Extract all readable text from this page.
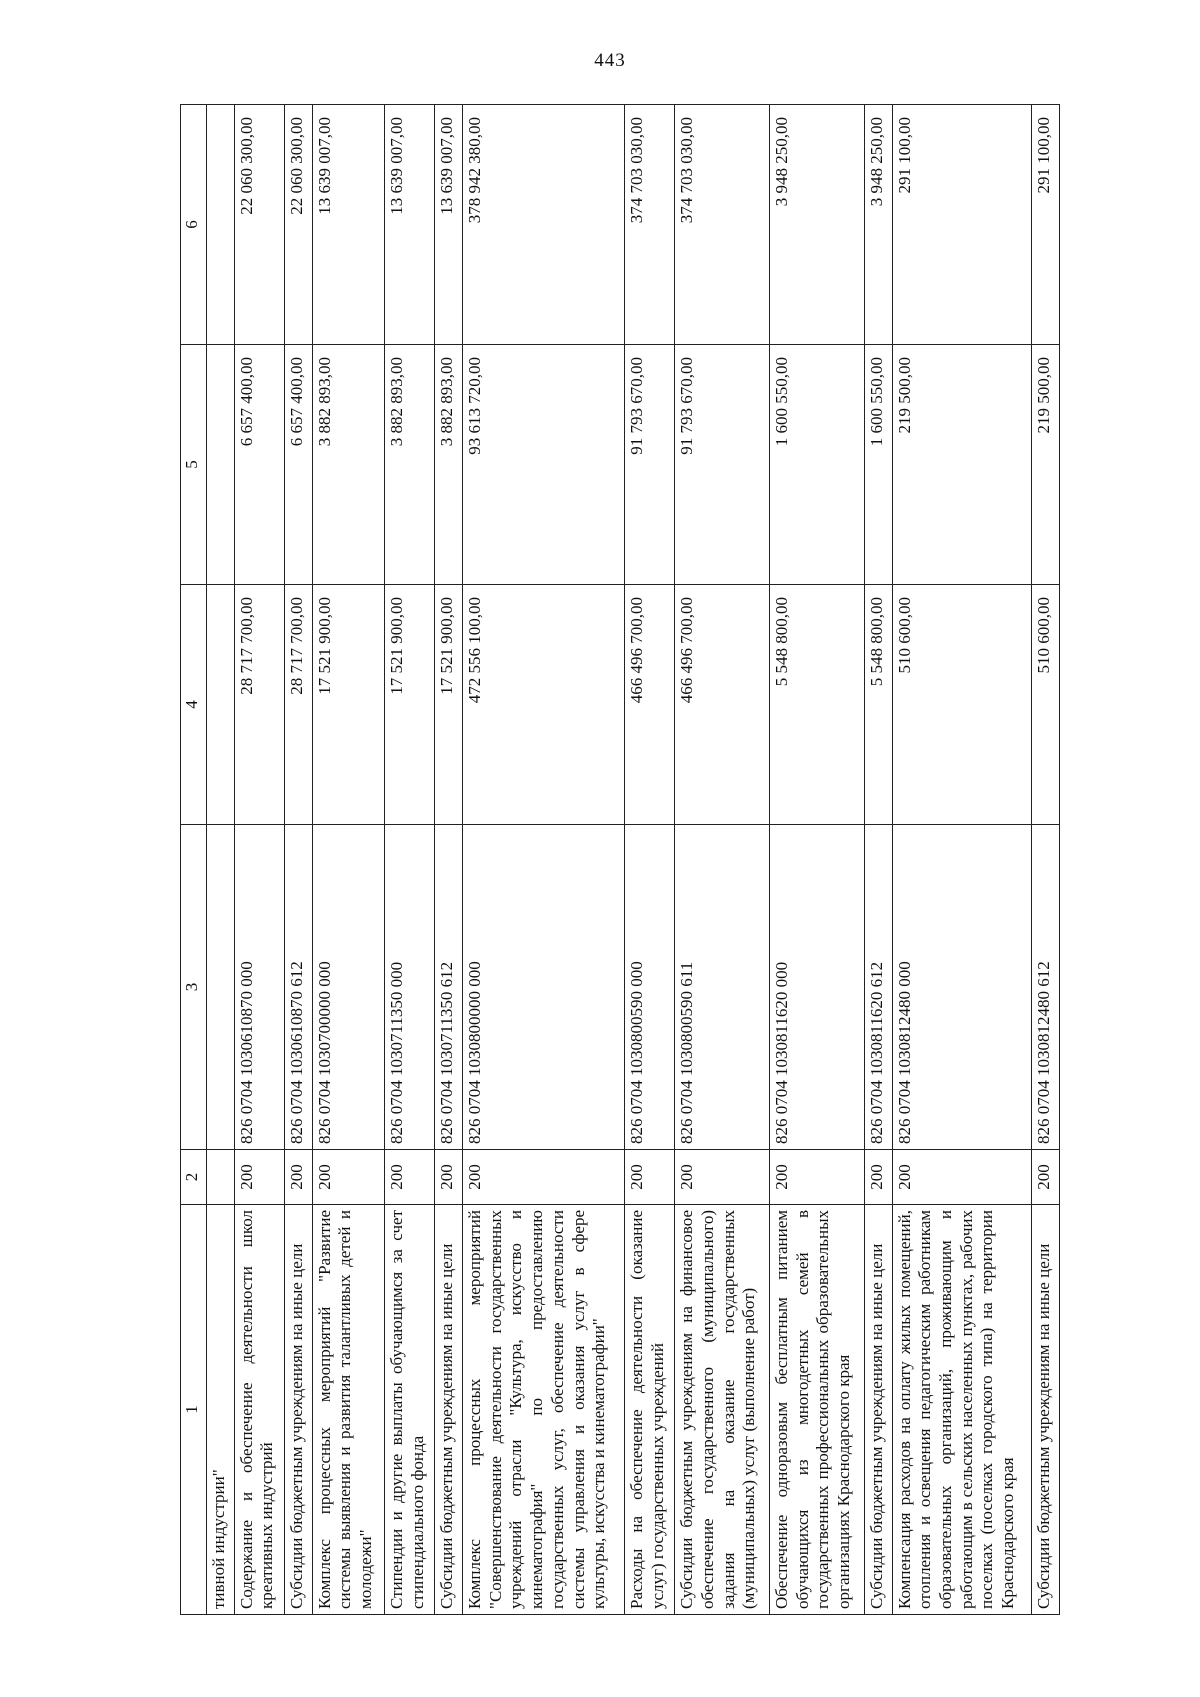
443
1	2	3	4	5	6
тивной индустрии"					
Содержание и обеспечение деятельности школ креативных индустрий	200	826 0704 1030610870 000	28 717 700,00	6 657 400,00	22 060 300,00
Субсидии бюджетным учреждениям на иные цели	200	826 0704 1030610870 612	28 717 700,00	6 657 400,00	22 060 300,00
Комплекс процессных мероприятий "Развитие системы выявления и развития талантливых детей и молодежи"	200	826 0704 1030700000 000	17 521 900,00	3 882 893,00	13 639 007,00
Стипендии и другие выплаты обучающимся за счет стипендиального фонда	200	826 0704 1030711350 000	17 521 900,00	3 882 893,00	13 639 007,00
Субсидии бюджетным учреждениям на иные цели	200	826 0704 1030711350 612	17 521 900,00	3 882 893,00	13 639 007,00
Комплекс процессных мероприятий "Совершенствование деятельности государственных учреждений отрасли "Культура, искусство и кинематография" по предоставлению государственных услуг, обеспечение деятельности системы управления и оказания услуг в сфере культуры, искусства и кинематографии"	200	826 0704 1030800000 000	472 556 100,00	93 613 720,00	378 942 380,00
Расходы на обеспечение деятельности (оказание услуг) государственных учреждений	200	826 0704 1030800590 000	466 496 700,00	91 793 670,00	374 703 030,00
Субсидии бюджетным учреждениям на финансовое обеспечение государственного (муниципального) задания на оказание государственных (муниципальных) услуг (выполнение работ)	200	826 0704 1030800590 611	466 496 700,00	91 793 670,00	374 703 030,00
Обеспечение одноразовым бесплатным питанием обучающихся из многодетных семей в государственных профессиональных образовательных организациях Краснодарского края	200	826 0704 1030811620 000	5 548 800,00	1 600 550,00	3 948 250,00
Субсидии бюджетным учреждениям на иные цели	200	826 0704 1030811620 612	5 548 800,00	1 600 550,00	3 948 250,00
Компенсация расходов на оплату жилых помещений, отопления и освещения педагогическим работникам образовательных организаций, проживающим и работающим в сельских населенных пунктах, рабочих поселках (поселках городского типа) на территории Краснодарского края	200	826 0704 1030812480 000	510 600,00	219 500,00	291 100,00
Субсидии бюджетным учреждениям на иные цели	200	826 0704 1030812480 612	510 600,00	219 500,00	291 100,00
